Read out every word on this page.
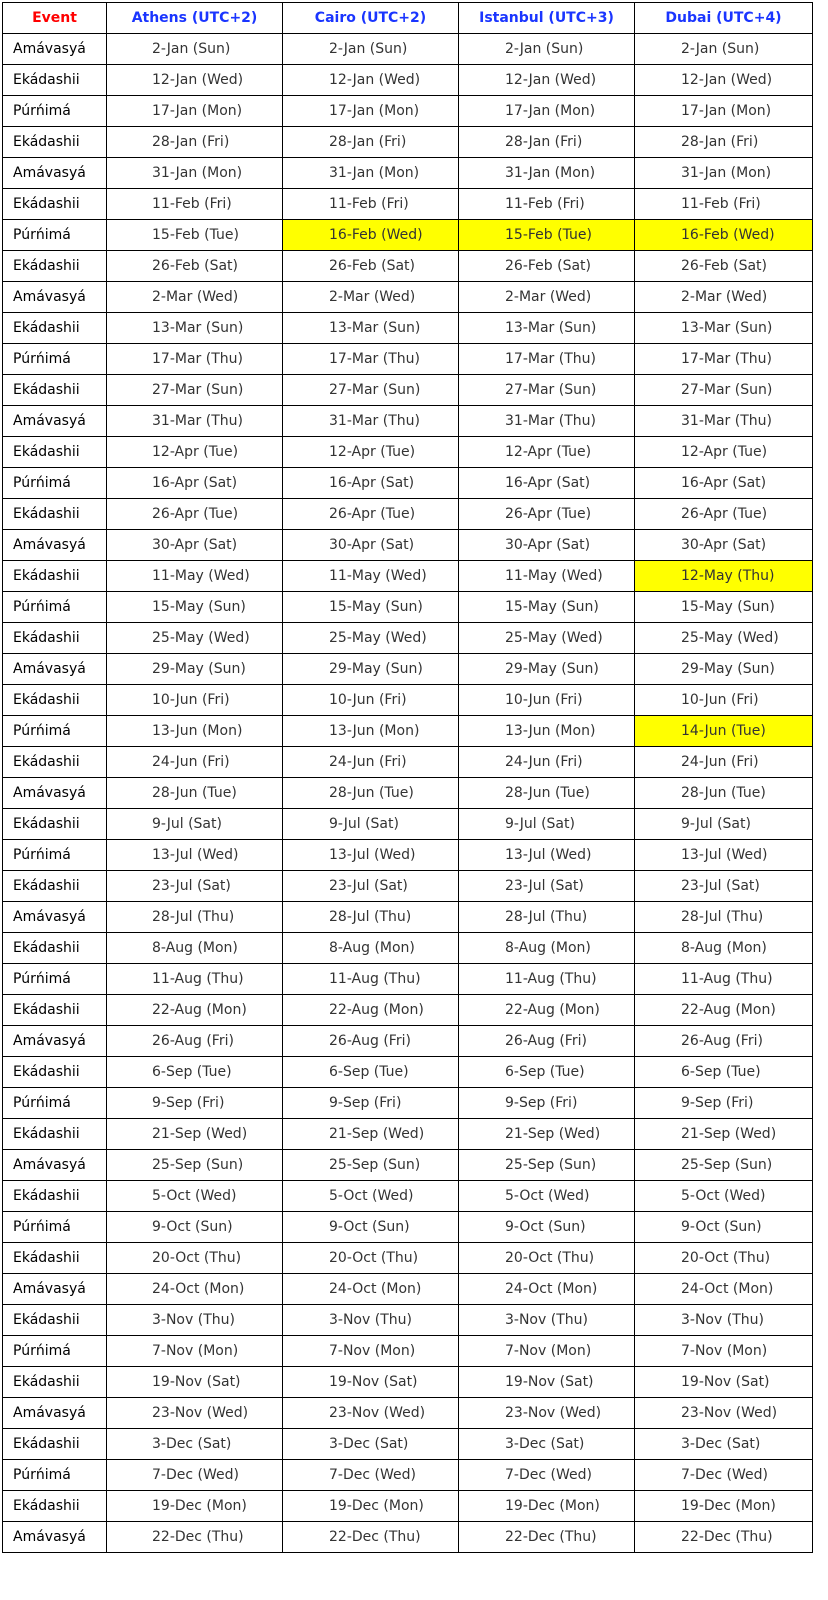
Event	Athens (UTC+2)	Cairo (UTC+2)	Istanbul (UTC+3)	Dubai (UTC+4)
Amávasyá	2-Jan (Sun)	2-Jan (Sun)	2-Jan (Sun)	2-Jan (Sun)
Ekádashii	12-Jan (Wed)	12-Jan (Wed)	12-Jan (Wed)	12-Jan (Wed)
Púrńimá	17-Jan (Mon)	17-Jan (Mon)	17-Jan (Mon)	17-Jan (Mon)
Ekádashii	28-Jan (Fri)	28-Jan (Fri)	28-Jan (Fri)	28-Jan (Fri)
Amávasyá	31-Jan (Mon)	31-Jan (Mon)	31-Jan (Mon)	31-Jan (Mon)
Ekádashii	11-Feb (Fri)	11-Feb (Fri)	11-Feb (Fri)	11-Feb (Fri)
Púrńimá	15-Feb (Tue)	16-Feb (Wed)	15-Feb (Tue)	16-Feb (Wed)
Ekádashii	26-Feb (Sat)	26-Feb (Sat)	26-Feb (Sat)	26-Feb (Sat)
Amávasyá	2-Mar (Wed)	2-Mar (Wed)	2-Mar (Wed)	2-Mar (Wed)
Ekádashii	13-Mar (Sun)	13-Mar (Sun)	13-Mar (Sun)	13-Mar (Sun)
Púrńimá	17-Mar (Thu)	17-Mar (Thu)	17-Mar (Thu)	17-Mar (Thu)
Ekádashii	27-Mar (Sun)	27-Mar (Sun)	27-Mar (Sun)	27-Mar (Sun)
Amávasyá	31-Mar (Thu)	31-Mar (Thu)	31-Mar (Thu)	31-Mar (Thu)
Ekádashii	12-Apr (Tue)	12-Apr (Tue)	12-Apr (Tue)	12-Apr (Tue)
Púrńimá	16-Apr (Sat)	16-Apr (Sat)	16-Apr (Sat)	16-Apr (Sat)
Ekádashii	26-Apr (Tue)	26-Apr (Tue)	26-Apr (Tue)	26-Apr (Tue)
Amávasyá	30-Apr (Sat)	30-Apr (Sat)	30-Apr (Sat)	30-Apr (Sat)
Ekádashii	11-May (Wed)	11-May (Wed)	11-May (Wed)	12-May (Thu)
Púrńimá	15-May (Sun)	15-May (Sun)	15-May (Sun)	15-May (Sun)
Ekádashii	25-May (Wed)	25-May (Wed)	25-May (Wed)	25-May (Wed)
Amávasyá	29-May (Sun)	29-May (Sun)	29-May (Sun)	29-May (Sun)
Ekádashii	10-Jun (Fri)	10-Jun (Fri)	10-Jun (Fri)	10-Jun (Fri)
Púrńimá	13-Jun (Mon)	13-Jun (Mon)	13-Jun (Mon)	14-Jun (Tue)
Ekádashii	24-Jun (Fri)	24-Jun (Fri)	24-Jun (Fri)	24-Jun (Fri)
Amávasyá	28-Jun (Tue)	28-Jun (Tue)	28-Jun (Tue)	28-Jun (Tue)
Ekádashii	9-Jul (Sat)	9-Jul (Sat)	9-Jul (Sat)	9-Jul (Sat)
Púrńimá	13-Jul (Wed)	13-Jul (Wed)	13-Jul (Wed)	13-Jul (Wed)
Ekádashii	23-Jul (Sat)	23-Jul (Sat)	23-Jul (Sat)	23-Jul (Sat)
Amávasyá	28-Jul (Thu)	28-Jul (Thu)	28-Jul (Thu)	28-Jul (Thu)
Ekádashii	8-Aug (Mon)	8-Aug (Mon)	8-Aug (Mon)	8-Aug (Mon)
Púrńimá	11-Aug (Thu)	11-Aug (Thu)	11-Aug (Thu)	11-Aug (Thu)
Ekádashii	22-Aug (Mon)	22-Aug (Mon)	22-Aug (Mon)	22-Aug (Mon)
Amávasyá	26-Aug (Fri)	26-Aug (Fri)	26-Aug (Fri)	26-Aug (Fri)
Ekádashii	6-Sep (Tue)	6-Sep (Tue)	6-Sep (Tue)	6-Sep (Tue)
Púrńimá	9-Sep (Fri)	9-Sep (Fri)	9-Sep (Fri)	9-Sep (Fri)
Ekádashii	21-Sep (Wed)	21-Sep (Wed)	21-Sep (Wed)	21-Sep (Wed)
Amávasyá	25-Sep (Sun)	25-Sep (Sun)	25-Sep (Sun)	25-Sep (Sun)
Ekádashii	5-Oct (Wed)	5-Oct (Wed)	5-Oct (Wed)	5-Oct (Wed)
Púrńimá	9-Oct (Sun)	9-Oct (Sun)	9-Oct (Sun)	9-Oct (Sun)
Ekádashii	20-Oct (Thu)	20-Oct (Thu)	20-Oct (Thu)	20-Oct (Thu)
Amávasyá	24-Oct (Mon)	24-Oct (Mon)	24-Oct (Mon)	24-Oct (Mon)
Ekádashii	3-Nov (Thu)	3-Nov (Thu)	3-Nov (Thu)	3-Nov (Thu)
Púrńimá	7-Nov (Mon)	7-Nov (Mon)	7-Nov (Mon)	7-Nov (Mon)
Ekádashii	19-Nov (Sat)	19-Nov (Sat)	19-Nov (Sat)	19-Nov (Sat)
Amávasyá	23-Nov (Wed)	23-Nov (Wed)	23-Nov (Wed)	23-Nov (Wed)
Ekádashii	3-Dec (Sat)	3-Dec (Sat)	3-Dec (Sat)	3-Dec (Sat)
Púrńimá	7-Dec (Wed)	7-Dec (Wed)	7-Dec (Wed)	7-Dec (Wed)
Ekádashii	19-Dec (Mon)	19-Dec (Mon)	19-Dec (Mon)	19-Dec (Mon)
Amávasyá	22-Dec (Thu)	22-Dec (Thu)	22-Dec (Thu)	22-Dec (Thu)
